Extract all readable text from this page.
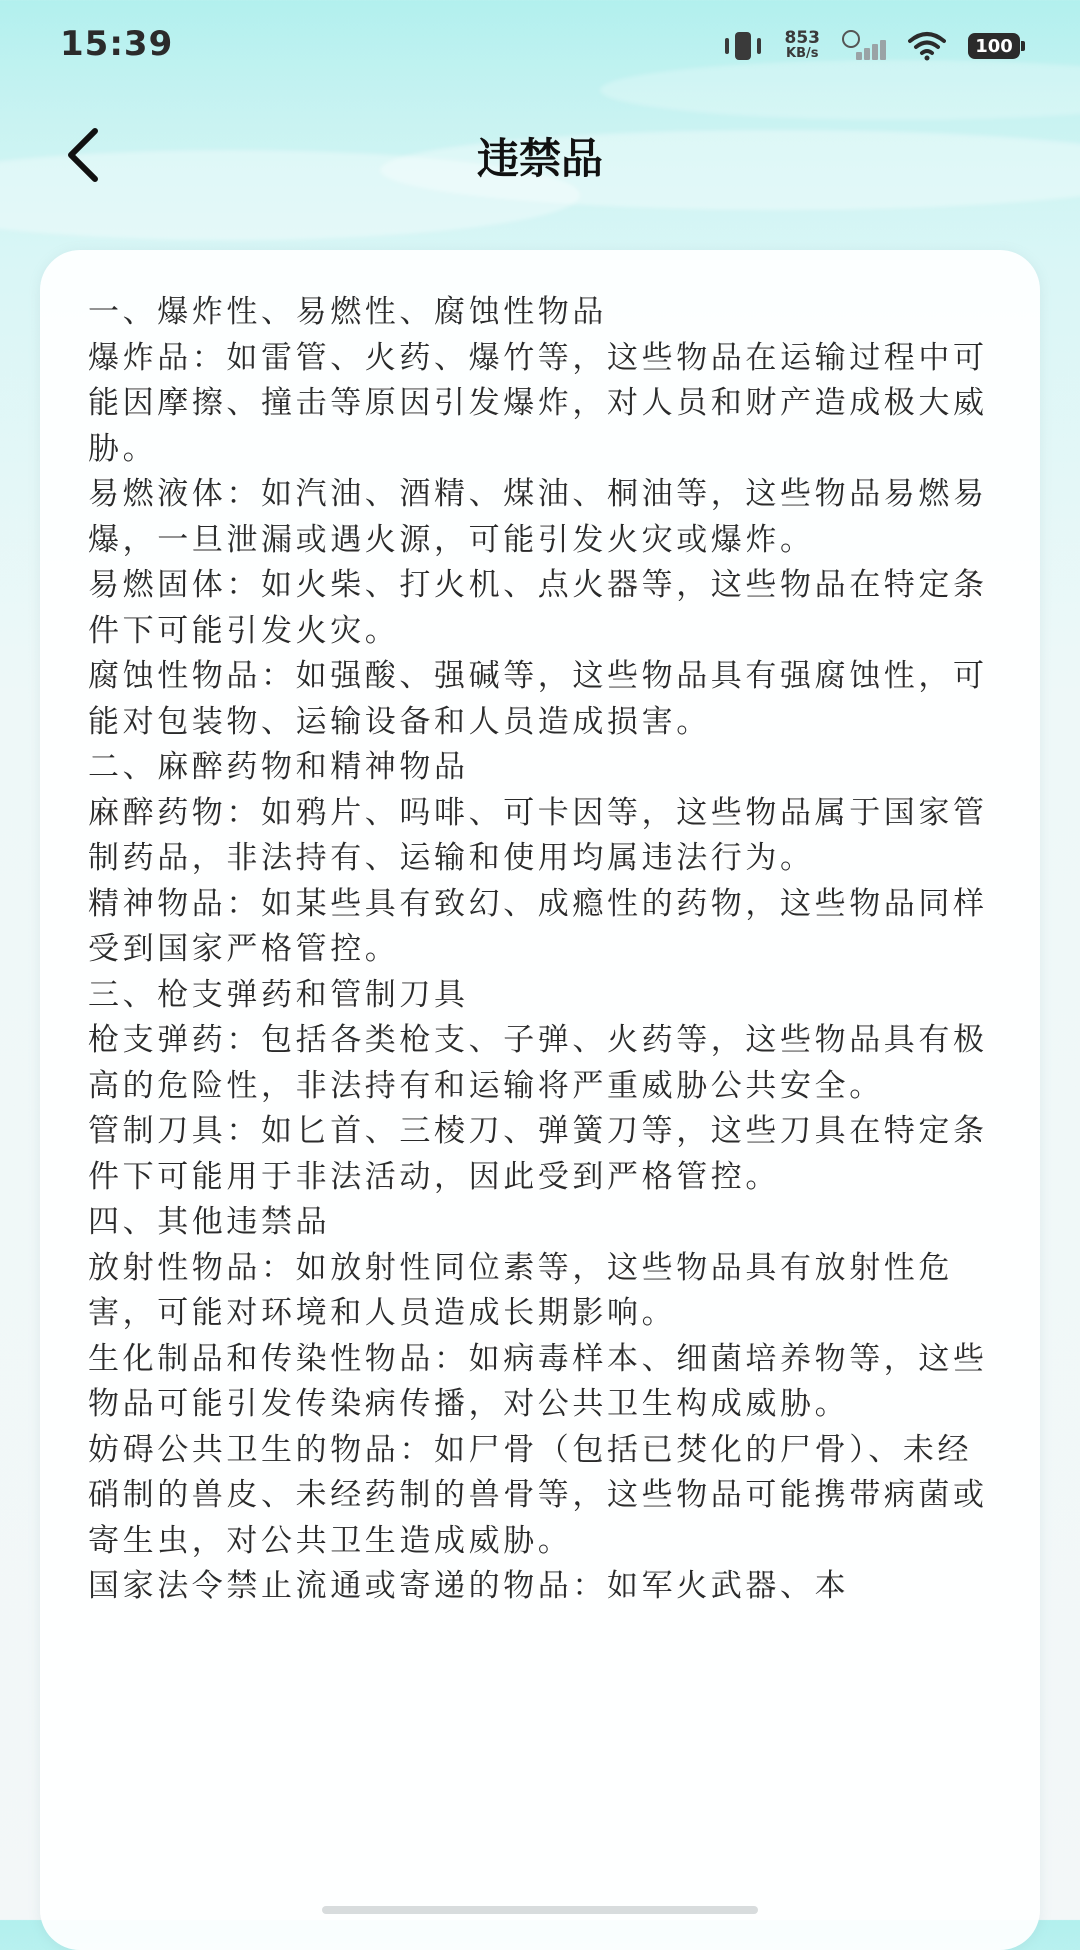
15:39	853
KB/s	100
违禁品

一、爆炸性、易燃性、腐蚀性物品
爆炸品：如雷管、火药、爆竹等，这些物品在运输过程中可能因摩擦、撞击等原因引发爆炸，对人员和财产造成极大威胁。
易燃液体：如汽油、酒精、煤油、桐油等，这些物品易燃易爆，一旦泄漏或遇火源，可能引发火灾或爆炸。
易燃固体：如火柴、打火机、点火器等，这些物品在特定条件下可能引发火灾。
腐蚀性物品：如强酸、强碱等，这些物品具有强腐蚀性，可能对包装物、运输设备和人员造成损害。
二、麻醉药物和精神物品
麻醉药物：如鸦片、吗啡、可卡因等，这些物品属于国家管制药品，非法持有、运输和使用均属违法行为。
精神物品：如某些具有致幻、成瘾性的药物，这些物品同样受到国家严格管控。
三、枪支弹药和管制刀具
枪支弹药：包括各类枪支、子弹、火药等，这些物品具有极高的危险性，非法持有和运输将严重威胁公共安全。
管制刀具：如匕首、三棱刀、弹簧刀等，这些刀具在特定条件下可能用于非法活动，因此受到严格管控。
四、其他违禁品
放射性物品：如放射性同位素等，这些物品具有放射性危害，可能对环境和人员造成长期影响。
生化制品和传染性物品：如病毒样本、细菌培养物等，这些物品可能引发传染病传播，对公共卫生构成威胁。
妨碍公共卫生的物品：如尸骨（包括已焚化的尸骨）、未经硝制的兽皮、未经药制的兽骨等，这些物品可能携带病菌或寄生虫，对公共卫生造成威胁。
国家法令禁止流通或寄递的物品：如军火武器、本
